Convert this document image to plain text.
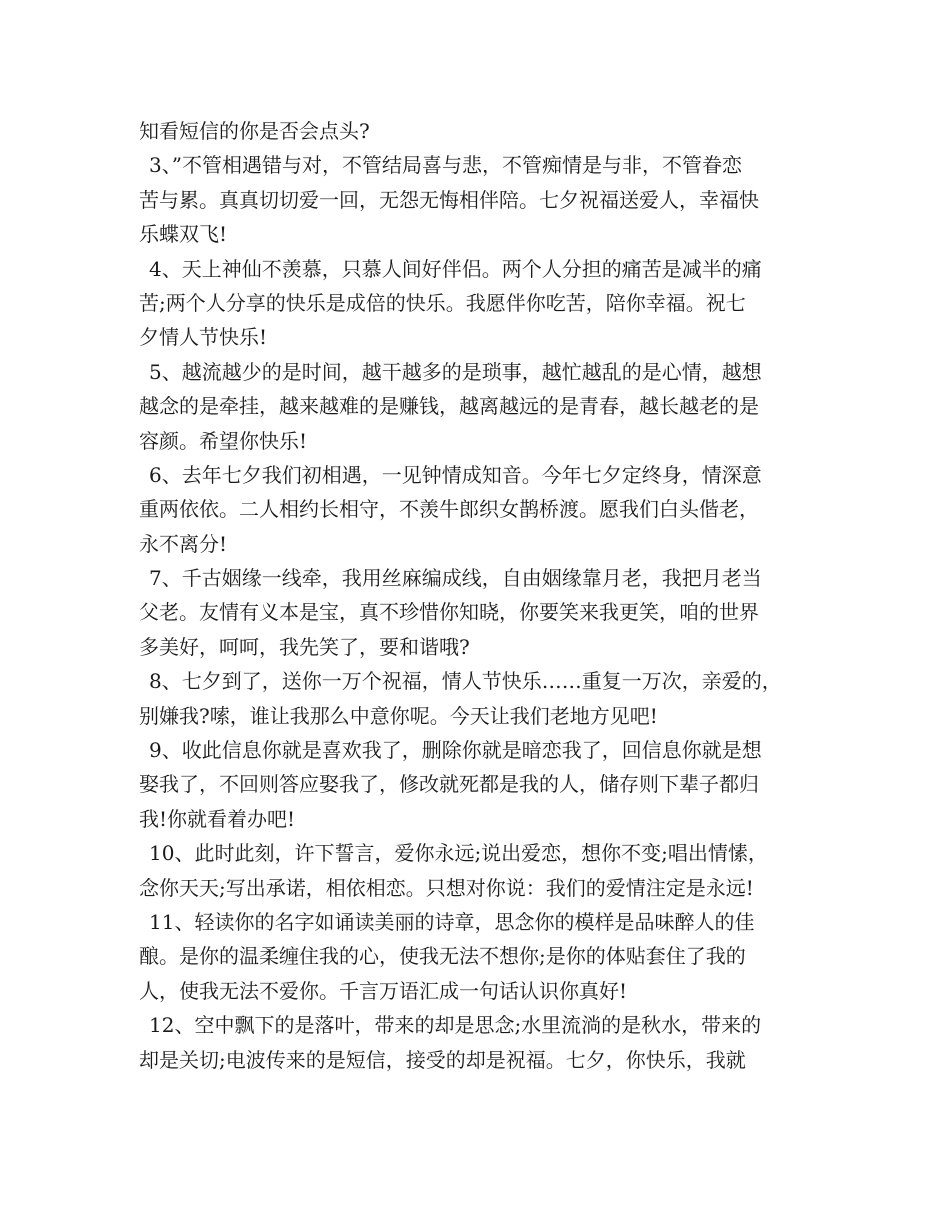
知看短信的你是否会点头?
3、”不管相遇错与对，不管结局喜与悲，不管痴情是与非，不管眷恋
苦与累。真真切切爱一回，无怨无悔相伴陪。七夕祝福送爱人，幸福快
乐蝶双飞!
4、天上神仙不羡慕，只慕人间好伴侣。两个人分担的痛苦是减半的痛
苦;两个人分享的快乐是成倍的快乐。我愿伴你吃苦，陪你幸福。祝七
夕情人节快乐!
5、越流越少的是时间，越干越多的是琐事，越忙越乱的是心情，越想
越念的是牵挂，越来越难的是赚钱，越离越远的是青春，越长越老的是
容颜。希望你快乐!
6、去年七夕我们初相遇，一见钟情成知音。今年七夕定终身，情深意
重两依依。二人相约长相守，不羡牛郎织女鹊桥渡。愿我们白头偕老，
永不离分!
7、千古姻缘一线牵，我用丝麻编成线，自由姻缘靠月老，我把月老当
父老。友情有义本是宝，真不珍惜你知晓，你要笑来我更笑，咱的世界
多美好，呵呵，我先笑了，要和谐哦?
8、七夕到了，送你一万个祝福，情人节快乐……重复一万次，亲爱的，
别嫌我?嗦，谁让我那么中意你呢。今天让我们老地方见吧!
9、收此信息你就是喜欢我了，删除你就是暗恋我了，回信息你就是想
娶我了，不回则答应娶我了，修改就死都是我的人，储存则下辈子都归
我!你就看着办吧!
10、此时此刻，许下誓言，爱你永远;说出爱恋，想你不变;唱出情愫，
念你天天;写出承诺，相依相恋。只想对你说：我们的爱情注定是永远!
11、轻读你的名字如诵读美丽的诗章，思念你的模样是品味醉人的佳
酿。是你的温柔缠住我的心，使我无法不想你;是你的体贴套住了我的
人，使我无法不爱你。千言万语汇成一句话认识你真好!
12、空中飘下的是落叶，带来的却是思念;水里流淌的是秋水，带来的
却是关切;电波传来的是短信，接受的却是祝福。七夕，你快乐，我就
